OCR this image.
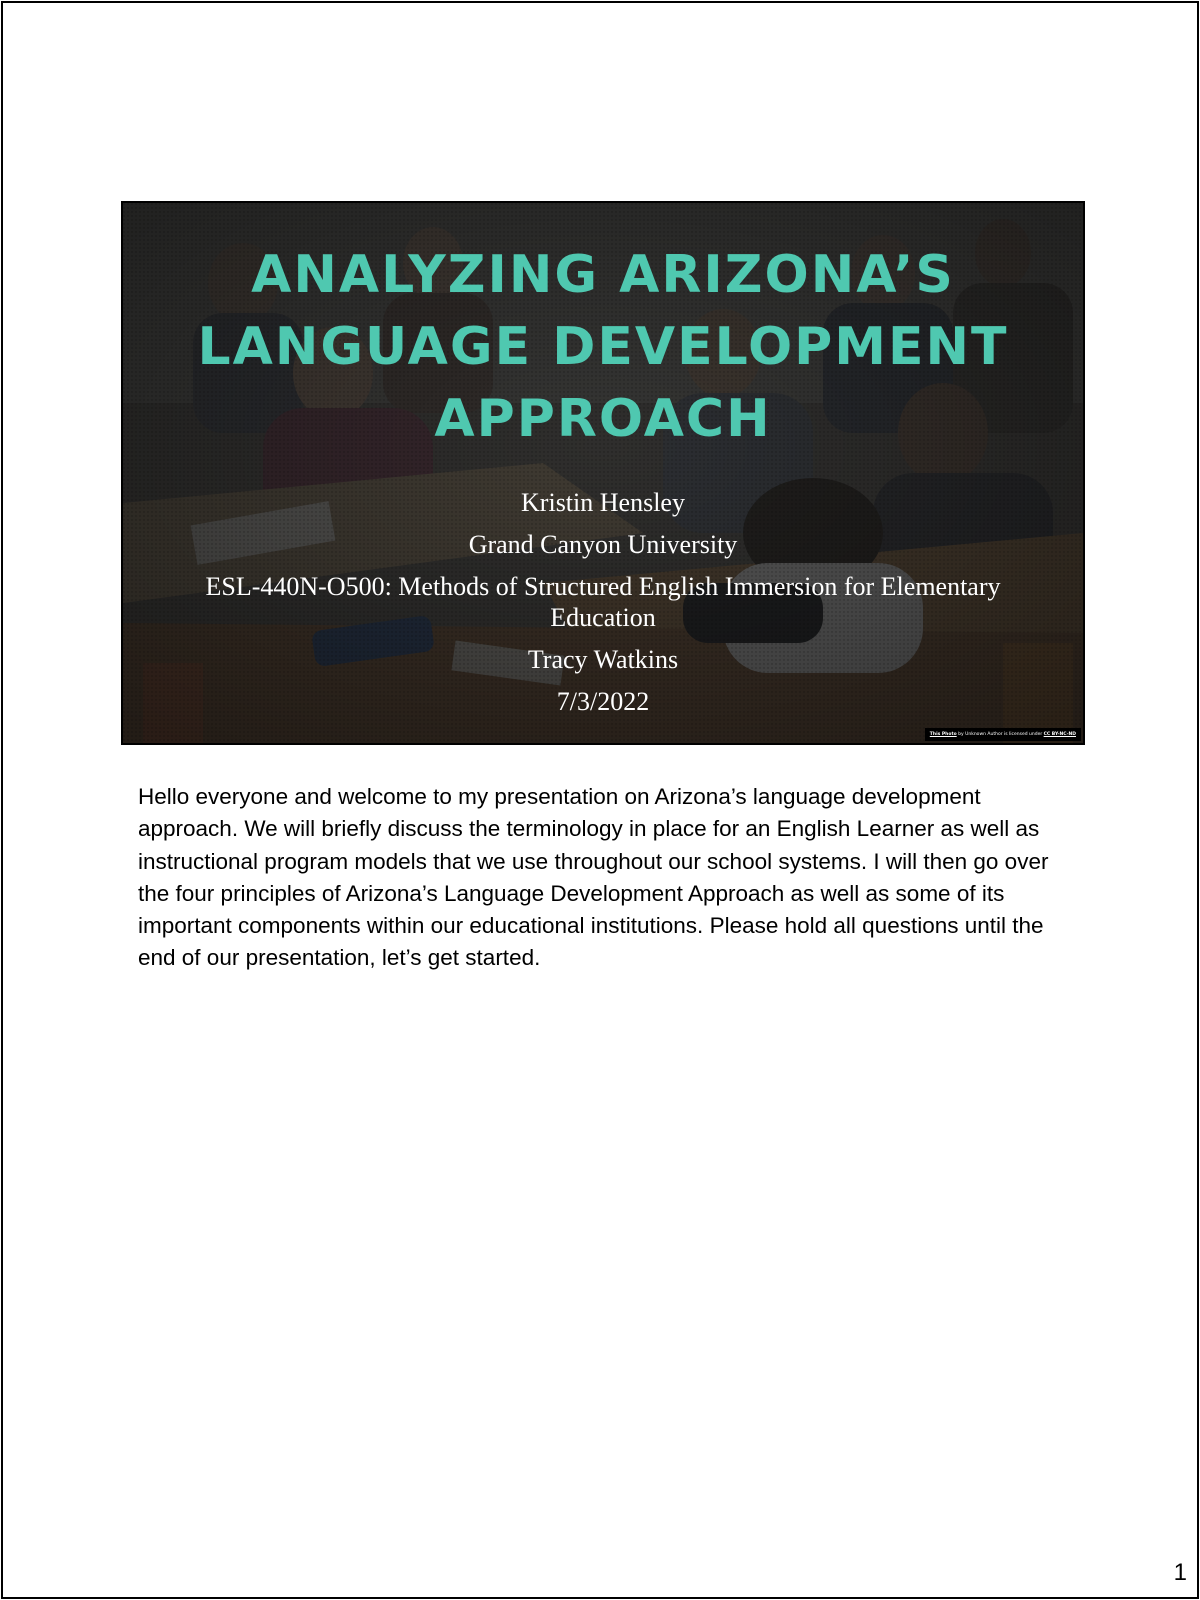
ANALYZING ARIZONA’S LANGUAGE DEVELOPMENT APPROACH
Kristin Hensley
Grand Canyon University
ESL-440N-O500: Methods of Structured English Immersion for Elementary Education
Tracy Watkins
7/3/2022
This Photo by Unknown Author is licensed under CC BY-NC-ND

Hello everyone and welcome to my presentation on Arizona’s language development approach. We will briefly discuss the terminology in place for an English Learner as well as instructional program models that we use throughout our school systems. I will then go over the four principles of Arizona’s Language Development Approach as well as some of its important components within our educational institutions. Please hold all questions until the end of our presentation, let’s get started.

1
